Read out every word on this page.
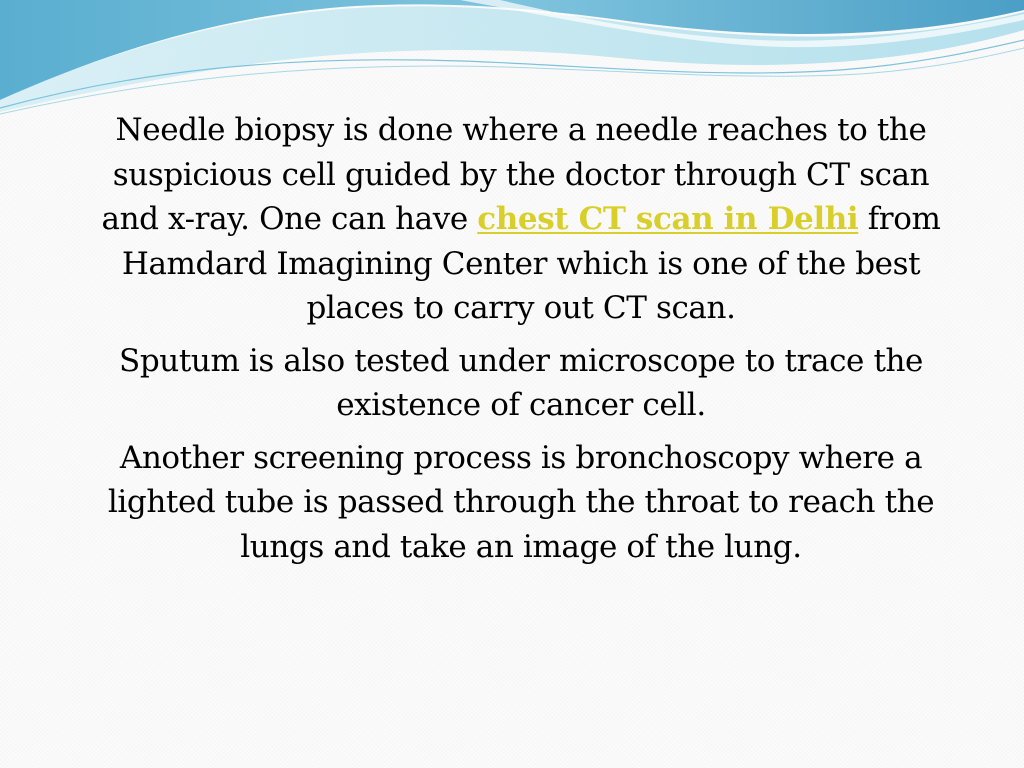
Needle biopsy is done where a needle reaches to the suspicious cell guided by the doctor through CT scan and x-ray. One can have chest CT scan in Delhi from Hamdard Imagining Center which is one of the best places to carry out CT scan.

Sputum is also tested under microscope to trace the existence of cancer cell.

Another screening process is bronchoscopy where a lighted tube is passed through the throat to reach the lungs and take an image of the lung.
